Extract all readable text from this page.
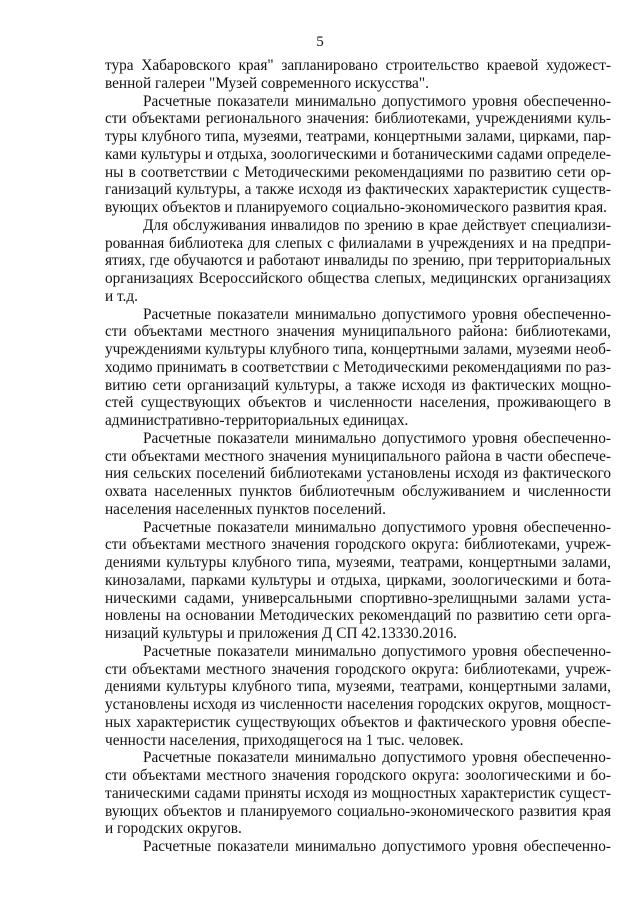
5
тура Хабаровского края" запланировано строительство краевой художест-
венной галереи "Музей современного искусства".
Расчетные показатели минимально допустимого уровня обеспеченно-
сти объектами регионального значения: библиотеками, учреждениями куль-
туры клубного типа, музеями, театрами, концертными залами, цирками, пар-
ками культуры и отдыха, зоологическими и ботаническими садами определе-
ны в соответствии с Методическими рекомендациями по развитию сети ор-
ганизаций культуры, а также исходя из фактических характеристик существ-
вующих объектов и планируемого социально-экономического развития края.
Для обслуживания инвалидов по зрению в крае действует специализи-
рованная библиотека для слепых с филиалами в учреждениях и на предпри-
ятиях, где обучаются и работают инвалиды по зрению, при территориальных
организациях Всероссийского общества слепых, медицинских организациях
и т.д.
Расчетные показатели минимально допустимого уровня обеспеченно-
сти объектами местного значения муниципального района: библиотеками,
учреждениями культуры клубного типа, концертными залами, музеями необ-
ходимо принимать в соответствии с Методическими рекомендациями по раз-
витию сети организаций культуры, а также исходя из фактических мощно-
стей существующих объектов и численности населения, проживающего в
административно-территориальных единицах.
Расчетные показатели минимально допустимого уровня обеспеченно-
сти объектами местного значения муниципального района в части обеспече-
ния сельских поселений библиотеками установлены исходя из фактического
охвата населенных пунктов библиотечным обслуживанием и численности
населения населенных пунктов поселений.
Расчетные показатели минимально допустимого уровня обеспеченно-
сти объектами местного значения городского округа: библиотеками, учреж-
дениями культуры клубного типа, музеями, театрами, концертными залами,
кинозалами, парками культуры и отдыха, цирками, зоологическими и бота-
ническими садами, универсальными спортивно-зрелищными залами уста-
новлены на основании Методических рекомендаций по развитию сети орга-
низаций культуры и приложения Д СП 42.13330.2016.
Расчетные показатели минимально допустимого уровня обеспеченно-
сти объектами местного значения городского округа: библиотеками, учреж-
дениями культуры клубного типа, музеями, театрами, концертными залами,
установлены исходя из численности населения городских округов, мощност-
ных характеристик существующих объектов и фактического уровня обеспе-
ченности населения, приходящегося на 1 тыс. человек.
Расчетные показатели минимально допустимого уровня обеспеченно-
сти объектами местного значения городского округа: зоологическими и бо-
таническими садами приняты исходя из мощностных характеристик сущест-
вующих объектов и планируемого социально-экономического развития края
и городских округов.
Расчетные показатели минимально допустимого уровня обеспеченно-
